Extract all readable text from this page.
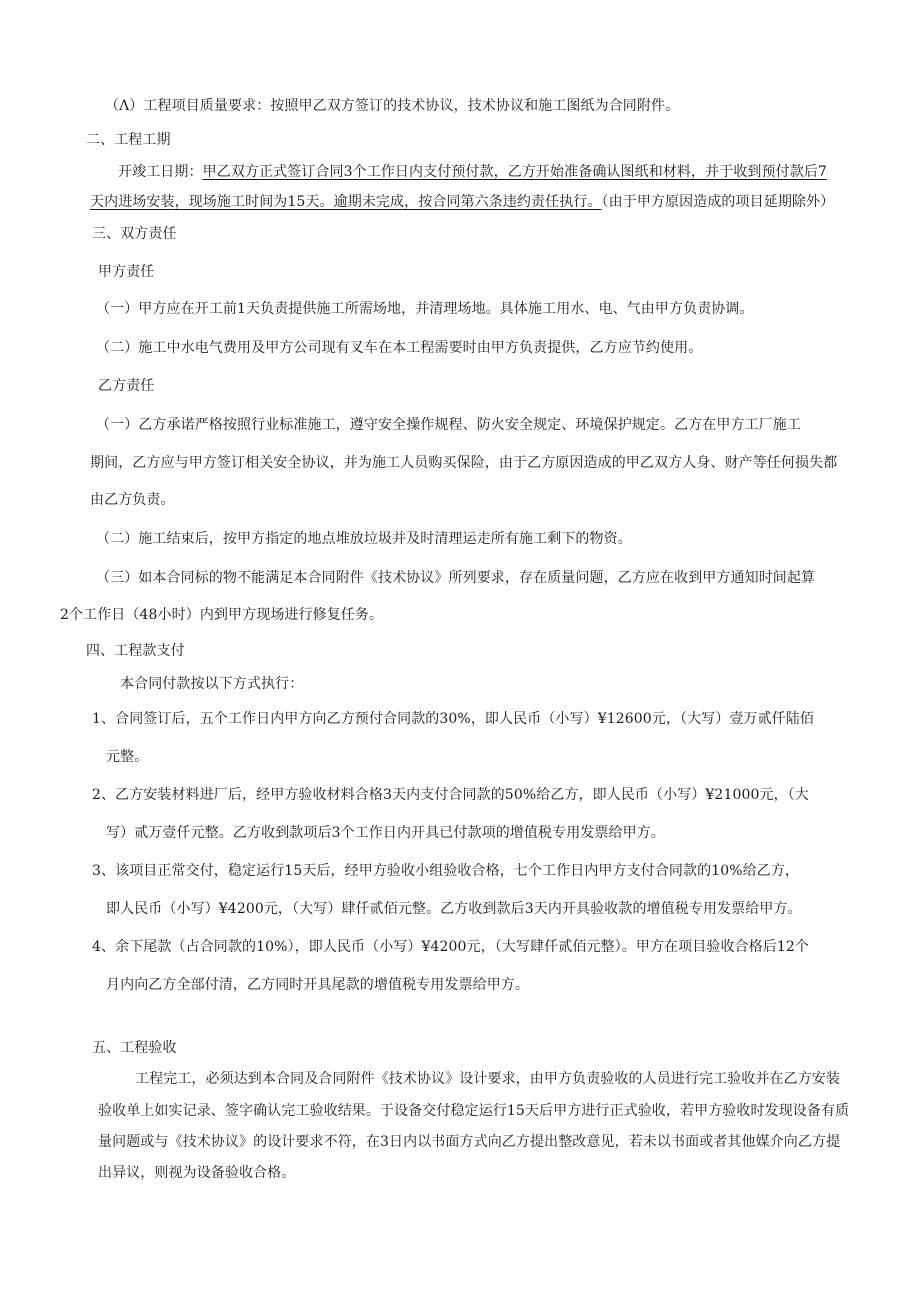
（Λ）工程项目质量要求：按照甲乙双方签订的技术协议，技术协议和施工图纸为合同附件。
二、工程工期
开竣工日期：甲乙双方正式签订合同3个工作日内支付预付款，乙方开始准备确认图纸和材料，并于收到预付款后7
天内进场安装，现场施工时间为15天。逾期未完成，按合同第六条违约责任执行。（由于甲方原因造成的项目延期除外）
三、双方责任
甲方责任
（一）甲方应在开工前1天负责提供施工所需场地，并清理场地。具体施工用水、电、气由甲方负责协调。
（二）施工中水电气费用及甲方公司现有叉车在本工程需要时由甲方负责提供，乙方应节约使用。
乙方责任
（一）乙方承诺严格按照行业标准施工，遵守安全操作规程、防火安全规定、环境保护规定。乙方在甲方工厂施工
期间，乙方应与甲方签订相关安全协议，并为施工人员购买保险，由于乙方原因造成的甲乙双方人身、财产等任何损失都
由乙方负责。
（二）施工结束后，按甲方指定的地点堆放垃圾并及时清理运走所有施工剩下的物资。
（三）如本合同标的物不能满足本合同附件《技术协议》所列要求，存在质量问题，乙方应在收到甲方通知时间起算
2个工作日（48小时）内到甲方现场进行修复任务。
四、工程款支付
本合同付款按以下方式执行：
1、合同签订后，五个工作日内甲方向乙方预付合同款的30%，即人民币（小写）¥12600元，（大写）壹万贰仟陆佰
元整。
2、乙方安装材料进厂后，经甲方验收材料合格3天内支付合同款的50%给乙方，即人民币（小写）¥21000元，（大
写）贰万壹仟元整。乙方收到款项后3个工作日内开具已付款项的增值税专用发票给甲方。
3、该项目正常交付，稳定运行15天后，经甲方验收小组验收合格，七个工作日内甲方支付合同款的10%给乙方，
即人民币（小写）¥4200元，（大写）肆仟贰佰元整。乙方收到款后3天内开具验收款的增值税专用发票给甲方。
4、余下尾款（占合同款的10%），即人民币（小写）¥4200元，（大写肆仟贰佰元整）。甲方在项目验收合格后12个
月内向乙方全部付清，乙方同时开具尾款的增值税专用发票给甲方。
五、工程验收
工程完工，必须达到本合同及合同附件《技术协议》设计要求，由甲方负责验收的人员进行完工验收并在乙方安装
验收单上如实记录、签字确认完工验收结果。于设备交付稳定运行15天后甲方进行正式验收，若甲方验收时发现设备有质
量问题或与《技术协议》的设计要求不符，在3日内以书面方式向乙方提出整改意见，若未以书面或者其他媒介向乙方提
出异议，则视为设备验收合格。
